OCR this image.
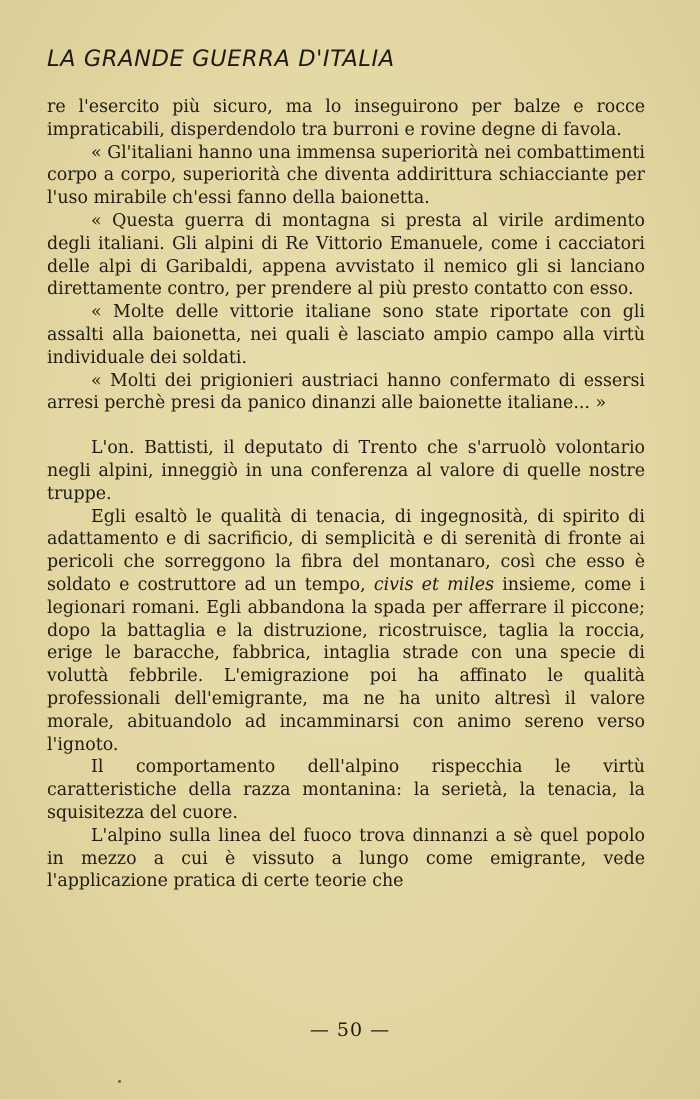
LA GRANDE GUERRA D'ITALIA

re l'esercito più sicuro, ma lo inseguirono per balze e rocce impraticabili, disperdendolo tra burroni e rovine degne di favola.

« Gl'italiani hanno una immensa superiorità nei combattimenti corpo a corpo, superiorità che diventa addirittura schiacciante per l'uso mirabile ch'essi fanno della baionetta.

« Questa guerra di montagna si presta al virile ardimento degli italiani. Gli alpini di Re Vittorio Emanuele, come i cacciatori delle alpi di Garibaldi, appena avvistato il nemico gli si lanciano direttamente contro, per prendere al più presto contatto con esso.

« Molte delle vittorie italiane sono state riportate con gli assalti alla baionetta, nei quali è lasciato ampio campo alla virtù individuale dei soldati.

« Molti dei prigionieri austriaci hanno confermato di essersi arresi perchè presi da panico dinanzi alle baionette italiane... »

L'on. Battisti, il deputato di Trento che s'arruolò volontario negli alpini, inneggiò in una conferenza al valore di quelle nostre truppe.

Egli esaltò le qualità di tenacia, di ingegnosità, di spirito di adattamento e di sacrificio, di semplicità e di serenità di fronte ai pericoli che sorreggono la fibra del montanaro, così che esso è soldato e costruttore ad un tempo, civis et miles insieme, come i legionari romani. Egli abbandona la spada per afferrare il piccone; dopo la battaglia e la distruzione, ricostruisce, taglia la roccia, erige le baracche, fabbrica, intaglia strade con una specie di voluttà febbrile. L'emigrazione poi ha affinato le qualità professionali dell'emigrante, ma ne ha unito altresì il valore morale, abituandolo ad incamminarsi con animo sereno verso l'ignoto.

Il comportamento dell'alpino rispecchia le virtù caratteristiche della razza montanina: la serietà, la tenacia, la squisitezza del cuore.

L'alpino sulla linea del fuoco trova dinnanzi a sè quel popolo in mezzo a cui è vissuto a lungo come emigrante, vede l'applicazione pratica di certe teorie che

— 50 —
